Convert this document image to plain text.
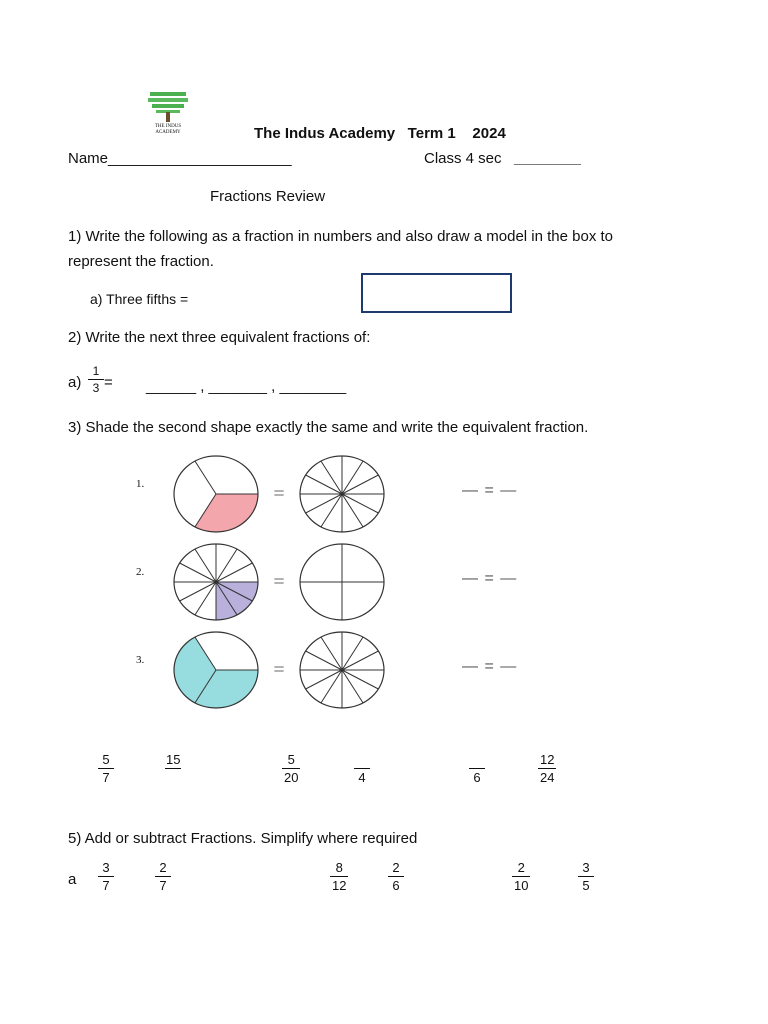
THE INDUS ACADEMY	The Indus Academy Term 1 2024
Name______________________	Class 4 sec ________
Fractions Review
1) Write the following as a fraction in numbers and also draw a model in the box to
represent the fraction.
a) Three fifths =
2) Write the next three equivalent fractions of:
$a) \frac{1}{3}$ = ______ , _______ , ________
3) Shade the second shape exactly the same and write the equivalent fraction.
1.	=	— = —
2.	=	— = —
3.	=	— = —
$\frac{5}{7}$	15	$\frac{5}{20}$	4	6	$\frac{12}{24}$
5) Add or subtract Fractions. Simplify where required
a $\frac{3}{7}$	$\frac{2}{7}$	$\frac{8}{12}$	$\frac{2}{6}$	$\frac{2}{10}$	$\frac{3}{5}$
